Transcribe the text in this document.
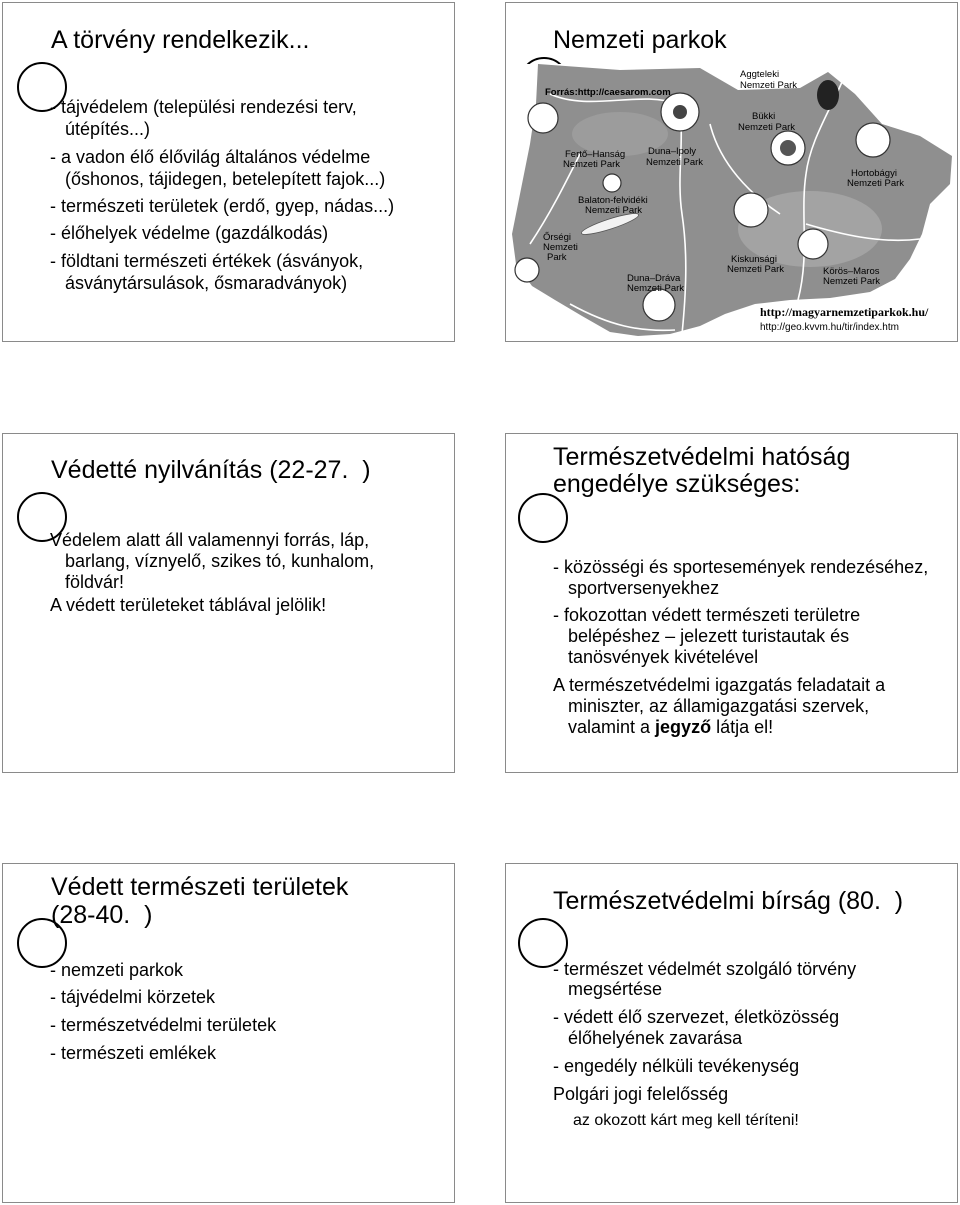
A törvény rendelkezik...
- tájvédelem (települési rendezési terv,
útépítés...)
- a vadon élő élővilág általános védelme
(őshonos, tájidegen, betelepített fajok...)
- természeti területek (erdő, gyep, nádas...)
- élőhelyek védelme (gazdálkodás)
- földtani természeti értékek (ásványok,
ásványtársulások, ősmaradványok)
Nemzeti parkok
Forrás:http://caesarom.com
Aggteleki
Nemzeti Park
Bükki
Nemzeti Park
Fertő–Hanság
Nemzeti Park
Duna–Ipoly
Nemzeti Park
Hortobágyi
Nemzeti Park
Balaton-felvidéki
Nemzeti Park
Őrségi
Nemzeti
Park	Kiskunsági
Nemzeti Park	Körös–Maros
Nemzeti Park
Duna–Dráva
Nemzeti Park
http://magyarnemzetiparkok.hu/
http://geo.kvvm.hu/tir/index.htm
Védetté nyilvánítás (22-27.  )
Védelem alatt áll valamennyi forrás, láp,
barlang, víznyelő, szikes tó, kunhalom,
földvár!
A védett területeket táblával jelölik!
Természetvédelmi hatóság
engedélye szükséges:
- közösségi és sportesemények rendezéséhez,
sportversenyekhez
- fokozottan védett természeti területre
belépéshez – jelezett turistautak és
tanösvények kivételével
A természetvédelmi igazgatás feladatait a
miniszter, az államigazgatási szervek,
valamint a jegyző látja el!
Védett természeti területek
(28-40.  )
- nemzeti parkok
- tájvédelmi körzetek
- természetvédelmi területek
- természeti emlékek
Természetvédelmi bírság (80.  )
- természet védelmét szolgáló törvény
megsértése
- védett élő szervezet, életközösség
élőhelyének zavarása
- engedély nélküli tevékenység
Polgári jogi felelősség
az okozott kárt meg kell téríteni!
